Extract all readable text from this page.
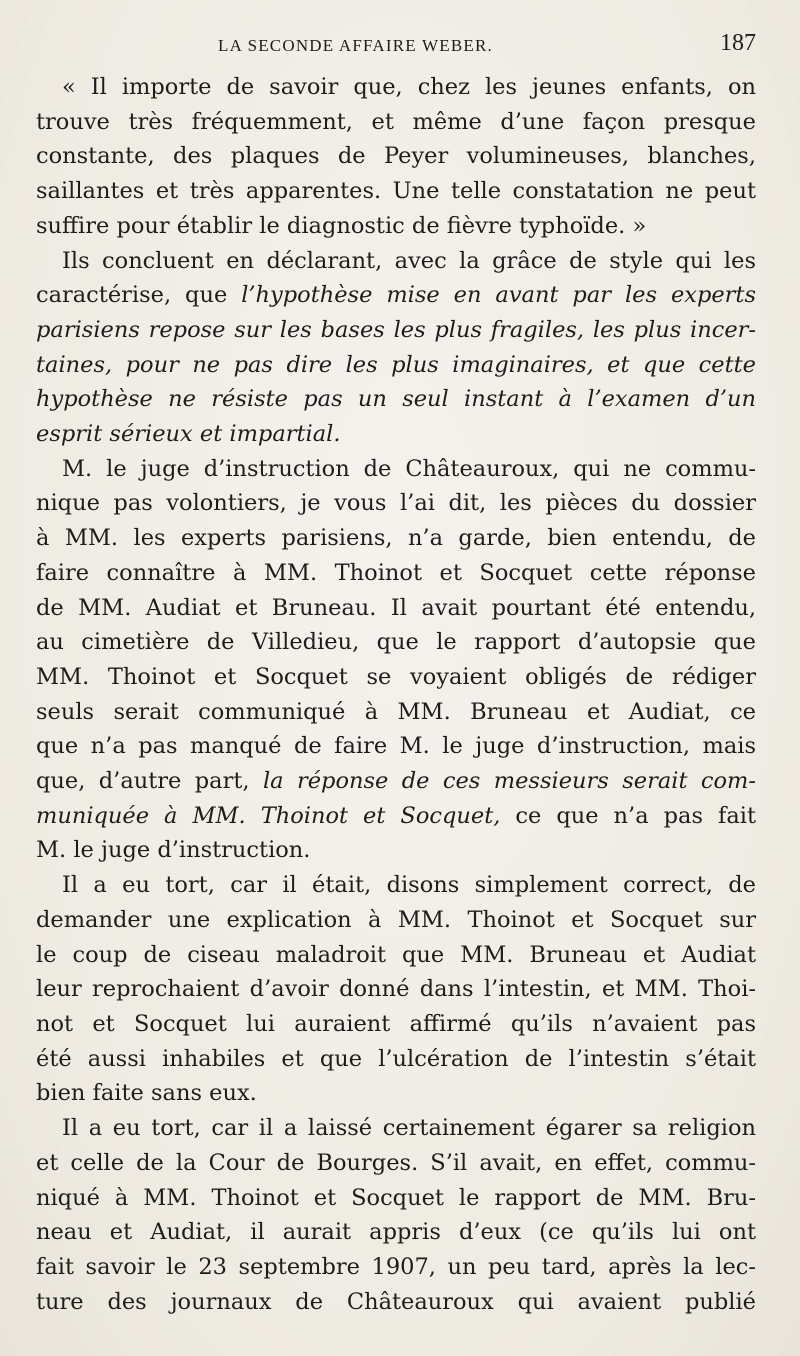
LA SECONDE AFFAIRE WEBER.	187

« Il importe de savoir que, chez les jeunes enfants, on
trouve très fréquemment, et même d’une façon presque
constante, des plaques de Peyer volumineuses, blanches,
saillantes et très apparentes. Une telle constatation ne peut
suffire pour établir le diagnostic de fièvre typhoïde. »

Ils concluent en déclarant, avec la grâce de style qui les
caractérise, que l’hypothèse mise en avant par les experts
parisiens repose sur les bases les plus fragiles, les plus incer-
taines, pour ne pas dire les plus imaginaires, et que cette
hypothèse ne résiste pas un seul instant à l’examen d’un
esprit sérieux et impartial.

M. le juge d’instruction de Châteauroux, qui ne commu-
nique pas volontiers, je vous l’ai dit, les pièces du dossier
à MM. les experts parisiens, n’a garde, bien entendu, de
faire connaître à MM. Thoinot et Socquet cette réponse
de MM. Audiat et Bruneau. Il avait pourtant été entendu,
au cimetière de Villedieu, que le rapport d’autopsie que
MM. Thoinot et Socquet se voyaient obligés de rédiger
seuls serait communiqué à MM. Bruneau et Audiat, ce
que n’a pas manqué de faire M. le juge d’instruction, mais
que, d’autre part, la réponse de ces messieurs serait com-
muniquée à MM. Thoinot et Socquet, ce que n’a pas fait
M. le juge d’instruction.

Il a eu tort, car il était, disons simplement correct, de
demander une explication à MM. Thoinot et Socquet sur
le coup de ciseau maladroit que MM. Bruneau et Audiat
leur reprochaient d’avoir donné dans l’intestin, et MM. Thoi-
not et Socquet lui auraient affirmé qu’ils n’avaient pas
été aussi inhabiles et que l’ulcération de l’intestin s’était
bien faite sans eux.

Il a eu tort, car il a laissé certainement égarer sa religion
et celle de la Cour de Bourges. S’il avait, en effet, commu-
niqué à MM. Thoinot et Socquet le rapport de MM. Bru-
neau et Audiat, il aurait appris d’eux (ce qu’ils lui ont
fait savoir le 23 septembre 1907, un peu tard, après la lec-
ture des journaux de Châteauroux qui avaient publié
